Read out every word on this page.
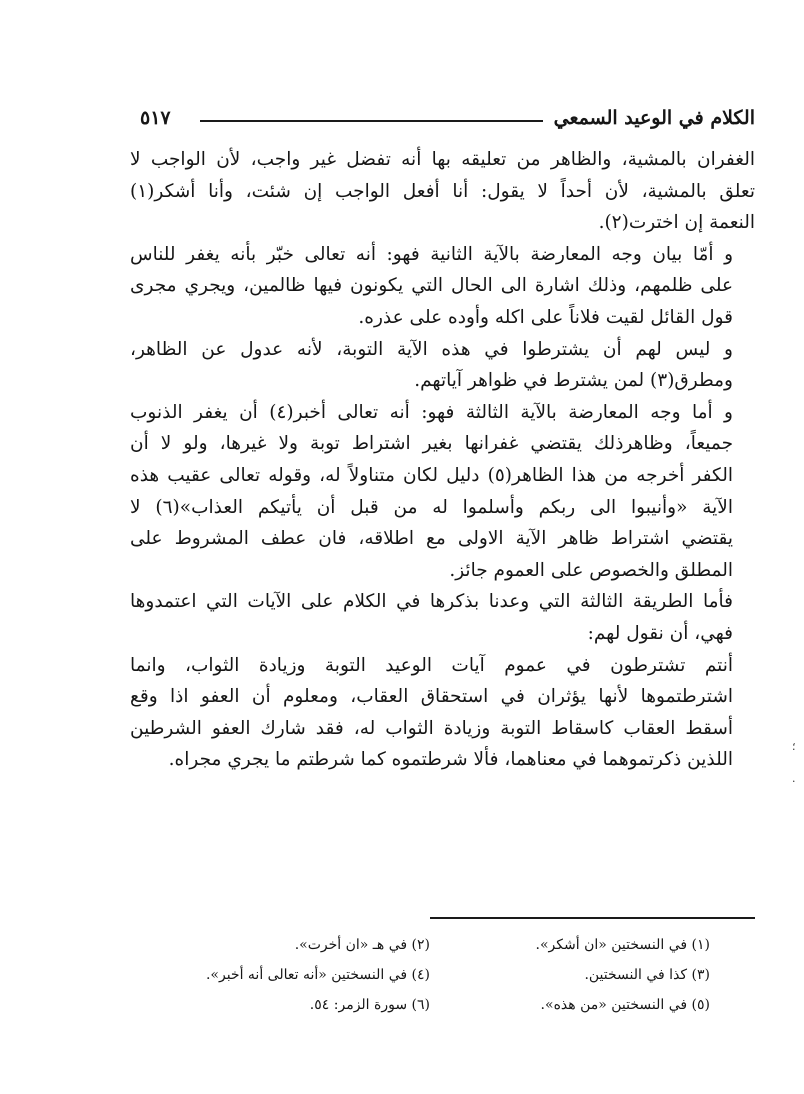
الكلام في الوعيد السمعي
٥١٧

الغفران بالمشية، والظاهر من تعليقه بها أنه تفضل غير واجب، لأن الواجب لا
تعلق بالمشية، لأن أحداً لا يقول: أنا أفعل الواجب إن شئت، وأنا أشكر(١)
النعمة إن اخترت(٢).

و أمّا بيان وجه المعارضة بالآية الثانية فهو: أنه تعالى خبّر بأنه يغفر للناس
على ظلمهم، وذلك اشارة الى الحال التي يكونون فيها ظالمين، ويجري مجرى
قول القائل لقيت فلاناً على اكله وأوده على عذره.

و ليس لهم أن يشترطوا في هذه الآية التوبة، لأنه عدول عن الظاهر،
ومطرق(٣) لمن يشترط في ظواهر آياتهم.

و أما وجه المعارضة بالآية الثالثة فهو: أنه تعالى أخبر(٤) أن يغفر الذنوب
جميعاً، وظاهرذلك يقتضي غفرانها بغير اشتراط توبة ولا غيرها، ولو لا أن
الكفر أخرجه من هذا الظاهر(٥) دليل لكان متناولاً له، وقوله تعالى عقيب هذه
الآية «وأنيبوا الى ربكم وأسلموا له من قبل أن يأتيكم العذاب»(٦) لا
يقتضي اشتراط ظاهر الآية الاولى مع اطلاقه، فان عطف المشروط على
المطلق والخصوص على العموم جائز.

فأما الطريقة الثالثة التي وعدنا بذكرها في الكلام على الآيات التي اعتمدوها
فهي، أن نقول لهم:

أنتم تشترطون في عموم آيات الوعيد التوبة وزيادة الثواب، وانما
اشترطتموها لأنها يؤثران في استحقاق العقاب، ومعلوم أن العفو اذا وقع
أسقط العقاب كاسقاط التوبة وزيادة الثواب له، فقد شارك العفو الشرطين
اللذين ذكرتموهما في معناهما، فألا شرطتموه كما شرطتم ما يجري مجراه.

(١) في النسختين «ان أشكر».
(٢) في هـ «ان أخرت».
(٣) كذا في النسختين.
(٤) في النسختين «أنه تعالى أنه أخبر».
(٥) في النسختين «من هذه».
(٦) سورة الزمر: ٥٤.
؛
·
